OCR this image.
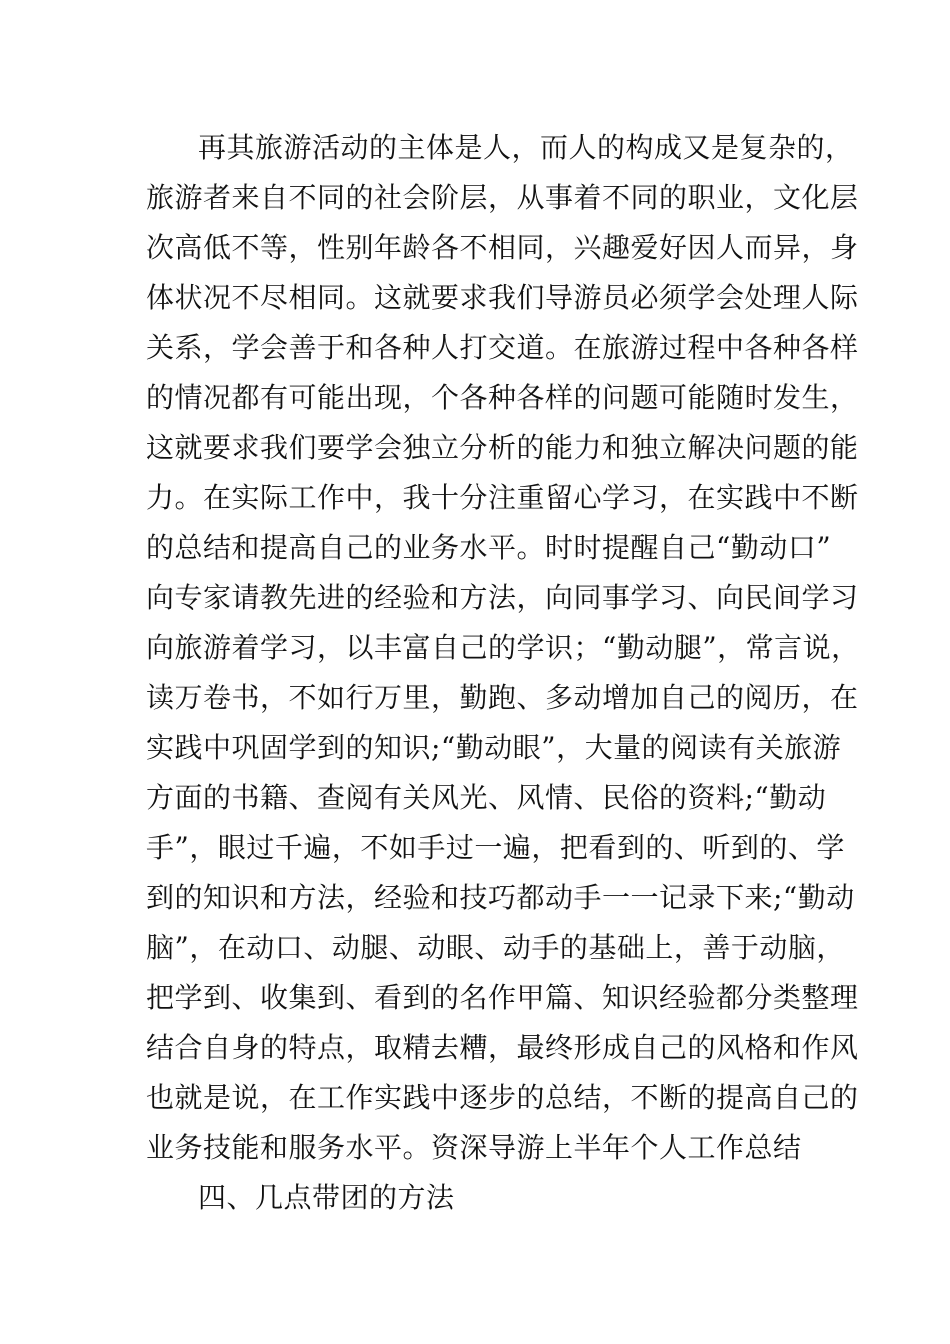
再其旅游活动的主体是人，而人的构成又是复杂的，
旅游者来自不同的社会阶层，从事着不同的职业，文化层
次高低不等，性别年龄各不相同，兴趣爱好因人而异，身
体状况不尽相同。这就要求我们导游员必须学会处理人际
关系，学会善于和各种人打交道。在旅游过程中各种各样
的情况都有可能出现，个各种各样的问题可能随时发生，
这就要求我们要学会独立分析的能力和独立解决问题的能
力。在实际工作中，我十分注重留心学习，在实践中不断
的总结和提高自己的业务水平。时时提醒自己“勤动口”
向专家请教先进的经验和方法，向同事学习、向民间学习
向旅游着学习，以丰富自己的学识；“勤动腿”，常言说，
读万卷书，不如行万里，勤跑、多动增加自己的阅历，在
实践中巩固学到的知识;“勤动眼”，大量的阅读有关旅游
方面的书籍、查阅有关风光、风情、民俗的资料;“勤动
手”，眼过千遍，不如手过一遍，把看到的、听到的、学
到的知识和方法，经验和技巧都动手一一记录下来;“勤动
脑”，在动口、动腿、动眼、动手的基础上，善于动脑，
把学到、收集到、看到的名作甲篇、知识经验都分类整理
结合自身的特点，取精去糟，最终形成自己的风格和作风
也就是说，在工作实践中逐步的总结，不断的提高自己的
业务技能和服务水平。资深导游上半年个人工作总结
四、几点带团的方法
